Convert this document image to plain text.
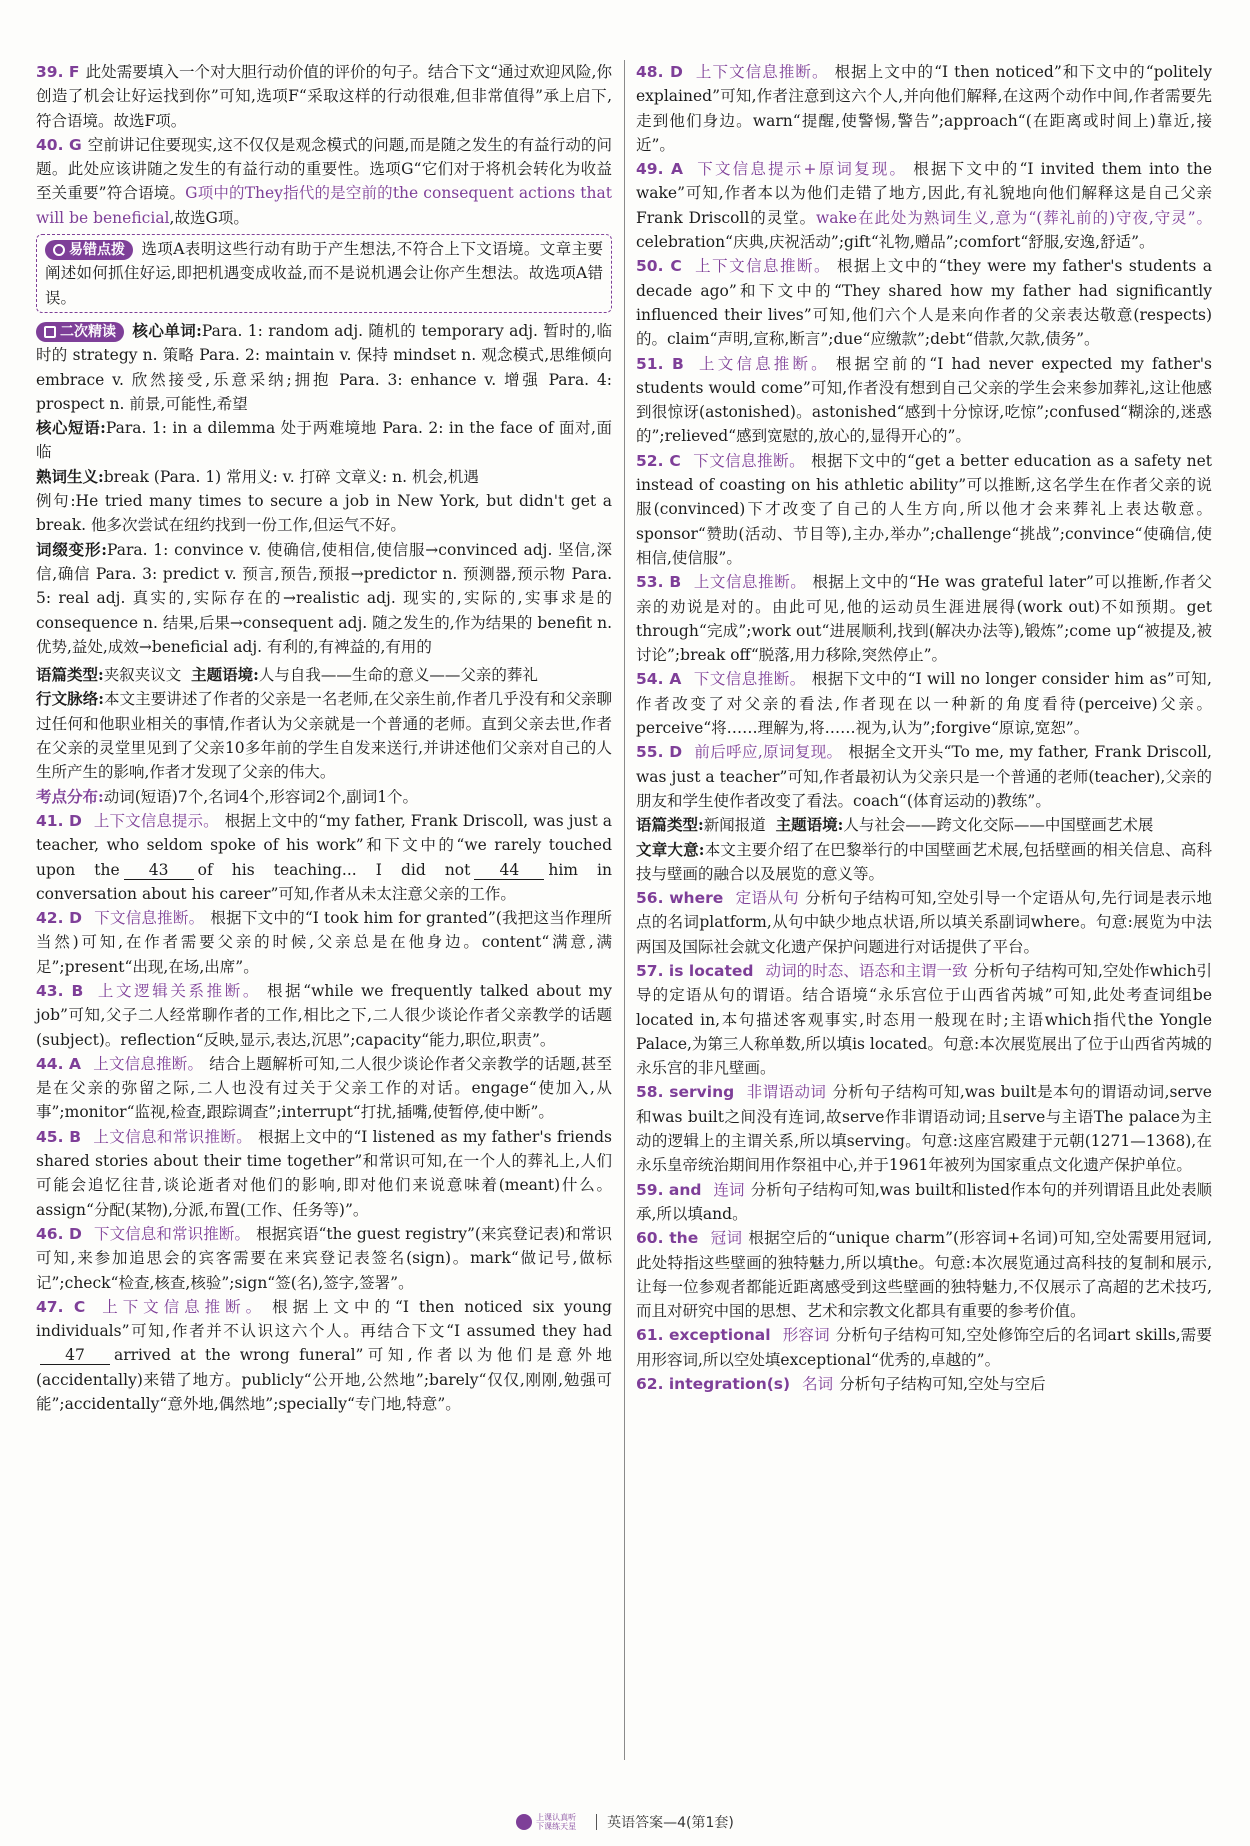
39. F 此处需要填入一个对大胆行动价值的评价的句子。结合下文“通过欢迎风险,你创造了机会让好运找到你”可知,选项F“采取这样的行动很难,但非常值得”承上启下,符合语境。故选F项。

40. G 空前讲记住要现实,这不仅仅是观念模式的问题,而是随之发生的有益行动的问题。此处应该讲随之发生的有益行动的重要性。选项G“它们对于将机会转化为收益至关重要”符合语境。G项中的They指代的是空前的the consequent actions that will be beneficial,故选G项。

易错点拨 选项A表明这些行动有助于产生想法,不符合上下文语境。文章主要阐述如何抓住好运,即把机遇变成收益,而不是说机遇会让你产生想法。故选项A错误。

二次精读 核心单词:Para. 1: random adj. 随机的 temporary adj. 暂时的,临时的 strategy n. 策略 Para. 2: maintain v. 保持 mindset n. 观念模式,思维倾向 embrace v. 欣然接受,乐意采纳;拥抱 Para. 3: enhance v. 增强 Para. 4: prospect n. 前景,可能性,希望

核心短语:Para. 1: in a dilemma 处于两难境地 Para. 2: in the face of 面对,面临

熟词生义:break (Para. 1) 常用义: v. 打碎 文章义: n. 机会,机遇

例句:He tried many times to secure a job in New York, but didn't get a break. 他多次尝试在纽约找到一份工作,但运气不好。

词缀变形:Para. 1: convince v. 使确信,使相信,使信服→convinced adj. 坚信,深信,确信 Para. 3: predict v. 预言,预告,预报→predictor n. 预测器,预示物 Para. 5: real adj. 真实的,实际存在的→realistic adj. 现实的,实际的,实事求是的 consequence n. 结果,后果→consequent adj. 随之发生的,作为结果的 benefit n. 优势,益处,成效→beneficial adj. 有利的,有裨益的,有用的

语篇类型:夹叙夹议文 主题语境:人与自我——生命的意义——父亲的葬礼

行文脉络:本文主要讲述了作者的父亲是一名老师,在父亲生前,作者几乎没有和父亲聊过任何和他职业相关的事情,作者认为父亲就是一个普通的老师。直到父亲去世,作者在父亲的灵堂里见到了父亲10多年前的学生自发来送行,并讲述他们父亲对自己的人生所产生的影响,作者才发现了父亲的伟大。

考点分布:动词(短语)7个,名词4个,形容词2个,副词1个。

41. D 上下文信息提示。 根据上文中的“my father, Frank Driscoll, was just a teacher, who seldom spoke of his work”和下文中的“we rarely touched upon the 43 of his teaching... I did not 44 him in conversation about his career”可知,作者从未太注意父亲的工作。

42. D 下文信息推断。 根据下文中的“I took him for granted”(我把这当作理所当然)可知,在作者需要父亲的时候,父亲总是在他身边。content“满意,满足”;present“出现,在场,出席”。

43. B 上文逻辑关系推断。 根据“while we frequently talked about my job”可知,父子二人经常聊作者的工作,相比之下,二人很少谈论作者父亲教学的话题(subject)。reflection“反映,显示,表达,沉思”;capacity“能力,职位,职责”。

44. A 上文信息推断。 结合上题解析可知,二人很少谈论作者父亲教学的话题,甚至是在父亲的弥留之际,二人也没有过关于父亲工作的对话。engage“使加入,从事”;monitor“监视,检查,跟踪调查”;interrupt“打扰,插嘴,使暂停,使中断”。

45. B 上文信息和常识推断。 根据上文中的“I listened as my father's friends shared stories about their time together”和常识可知,在一个人的葬礼上,人们可能会追忆往昔,谈论逝者对他们的影响,即对他们来说意味着(meant)什么。assign“分配(某物),分派,布置(工作、任务等)”。

46. D 下文信息和常识推断。 根据宾语“the guest registry”(来宾登记表)和常识可知,来参加追思会的宾客需要在来宾登记表签名(sign)。mark“做记号,做标记”;check“检查,核查,核验”;sign“签(名),签字,签署”。

47. C 上下文信息推断。 根据上文中的“I then noticed six young individuals”可知,作者并不认识这六个人。再结合下文“I assumed they had47 arrived at the wrong funeral”可知,作者以为他们是意外地(accidentally)来错了地方。publicly“公开地,公然地”;barely“仅仅,刚刚,勉强可能”;accidentally“意外地,偶然地”;specially“专门地,特意”。

48. D 上下文信息推断。 根据上文中的“I then noticed”和下文中的“politely explained”可知,作者注意到这六个人,并向他们解释,在这两个动作中间,作者需要先走到他们身边。warn“提醒,使警惕,警告”;approach“(在距离或时间上)靠近,接近”。

49. A 下文信息提示+原词复现。 根据下文中的“I invited them into the wake”可知,作者本以为他们走错了地方,因此,有礼貌地向他们解释这是自己父亲Frank Driscoll的灵堂。wake在此处为熟词生义,意为“(葬礼前的)守夜,守灵”。celebration“庆典,庆祝活动”;gift“礼物,赠品”;comfort“舒服,安逸,舒适”。

50. C 上下文信息推断。 根据上文中的“they were my father's students a decade ago”和下文中的“They shared how my father had significantly influenced their lives”可知,他们六个人是来向作者的父亲表达敬意(respects)的。claim“声明,宣称,断言”;due“应缴款”;debt“借款,欠款,债务”。

51. B 上文信息推断。 根据空前的“I had never expected my father's students would come”可知,作者没有想到自己父亲的学生会来参加葬礼,这让他感到很惊讶(astonished)。astonished“感到十分惊讶,吃惊”;confused“糊涂的,迷惑的”;relieved“感到宽慰的,放心的,显得开心的”。

52. C 下文信息推断。 根据下文中的“get a better education as a safety net instead of coasting on his athletic ability”可以推断,这名学生在作者父亲的说服(convinced)下才改变了自己的人生方向,所以他才会来葬礼上表达敬意。sponsor“赞助(活动、节目等),主办,举办”;challenge“挑战”;convince“使确信,使相信,使信服”。

53. B 上文信息推断。 根据上文中的“He was grateful later”可以推断,作者父亲的劝说是对的。由此可见,他的运动员生涯进展得(work out)不如预期。get through“完成”;work out“进展顺利,找到(解决办法等),锻炼”;come up“被提及,被讨论”;break off“脱落,用力移除,突然停止”。

54. A 下文信息推断。 根据下文中的“I will no longer consider him as”可知,作者改变了对父亲的看法,作者现在以一种新的角度看待(perceive)父亲。perceive“将……理解为,将……视为,认为”;forgive“原谅,宽恕”。

55. D 前后呼应,原词复现。 根据全文开头“To me, my father, Frank Driscoll, was just a teacher”可知,作者最初认为父亲只是一个普通的老师(teacher),父亲的朋友和学生使作者改变了看法。coach“(体育运动的)教练”。

语篇类型:新闻报道 主题语境:人与社会——跨文化交际——中国壁画艺术展

文章大意:本文主要介绍了在巴黎举行的中国壁画艺术展,包括壁画的相关信息、高科技与壁画的融合以及展览的意义等。

56. where 定语从句 分析句子结构可知,空处引导一个定语从句,先行词是表示地点的名词platform,从句中缺少地点状语,所以填关系副词where。句意:展览为中法两国及国际社会就文化遗产保护问题进行对话提供了平台。

57. is located 动词的时态、语态和主谓一致 分析句子结构可知,空处作which引导的定语从句的谓语。结合语境“永乐宫位于山西省芮城”可知,此处考查词组be located in,本句描述客观事实,时态用一般现在时;主语which指代the Yongle Palace,为第三人称单数,所以填is located。句意:本次展览展出了位于山西省芮城的永乐宫的非凡壁画。

58. serving 非谓语动词 分析句子结构可知,was built是本句的谓语动词,serve和was built之间没有连词,故serve作非谓语动词;且serve与主语The palace为主动的逻辑上的主谓关系,所以填serving。句意:这座宫殿建于元朝(1271—1368),在永乐皇帝统治期间用作祭祖中心,并于1961年被列为国家重点文化遗产保护单位。

59. and 连词 分析句子结构可知,was built和listed作本句的并列谓语且此处表顺承,所以填and。

60. the 冠词 根据空后的“unique charm”(形容词+名词)可知,空处需要用冠词,此处特指这些壁画的独特魅力,所以填the。句意:本次展览通过高科技的复制和展示,让每一位参观者都能近距离感受到这些壁画的独特魅力,不仅展示了高超的艺术技巧,而且对研究中国的思想、艺术和宗教文化都具有重要的参考价值。

61. exceptional 形容词 分析句子结构可知,空处修饰空后的名词art skills,需要用形容词,所以空处填exceptional“优秀的,卓越的”。

62. integration(s) 名词 分析句子结构可知,空处与空后

上课认真听
下课练天星 英语答案—4(第1套)
